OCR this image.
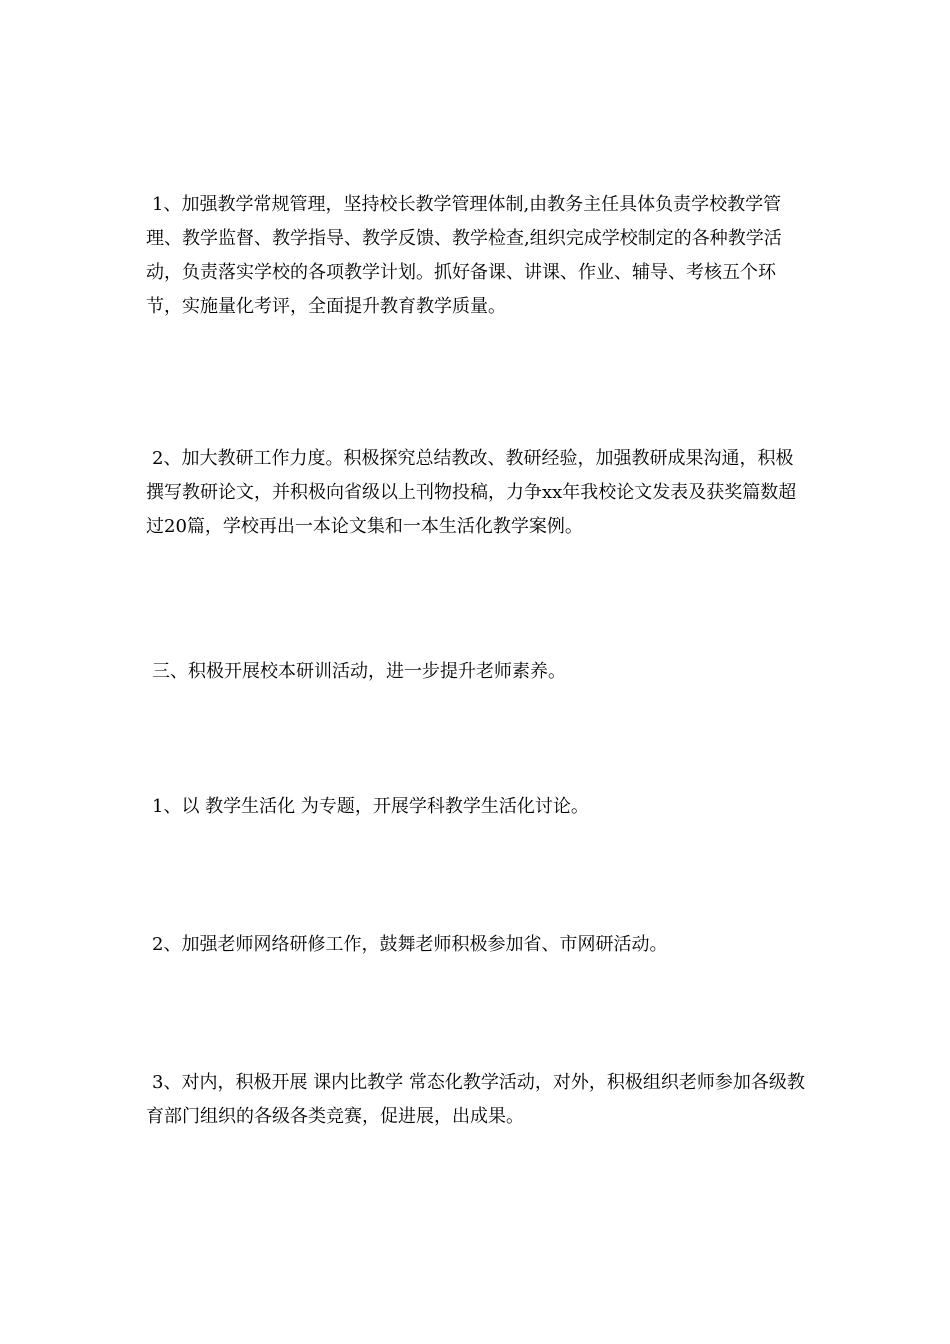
1、加强教学常规管理，坚持校长教学管理体制,由教务主任具体负责学校教学管理、教学监督、教学指导、教学反馈、教学检查,组织完成学校制定的各种教学活动，负责落实学校的各项教学计划。抓好备课、讲课、作业、辅导、考核五个环节，实施量化考评，全面提升教育教学质量。

2、加大教研工作力度。积极探究总结教改、教研经验，加强教研成果沟通，积极撰写教研论文，并积极向省级以上刊物投稿，力争xx年我校论文发表及获奖篇数超过20篇，学校再出一本论文集和一本生活化教学案例。

三、积极开展校本研训活动，进一步提升老师素养。

1、以 教学生活化 为专题，开展学科教学生活化讨论。

2、加强老师网络研修工作，鼓舞老师积极参加省、市网研活动。

3、对内，积极开展 课内比教学 常态化教学活动，对外，积极组织老师参加各级教育部门组织的各级各类竞赛，促进展，出成果。
